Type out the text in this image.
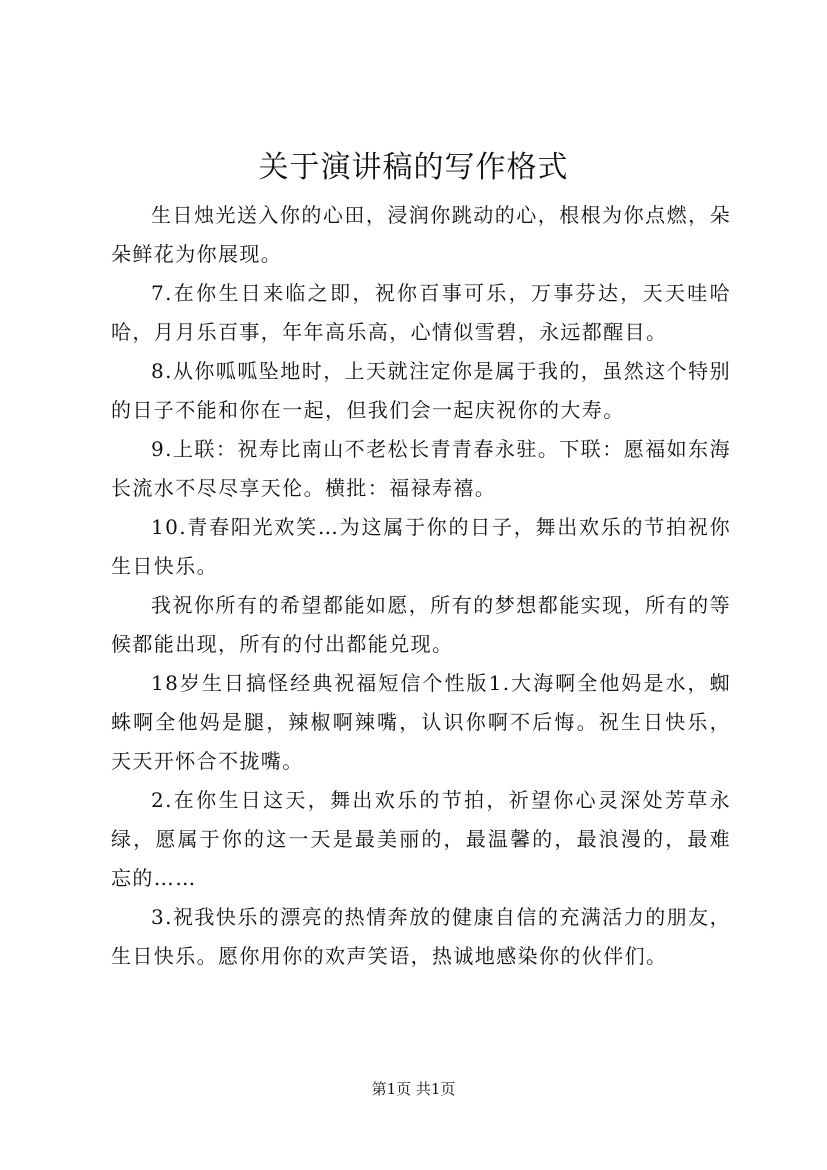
关于演讲稿的写作格式

生日烛光送入你的心田，浸润你跳动的心，根根为你点燃，朵朵鲜花为你展现。

7.在你生日来临之即，祝你百事可乐，万事芬达，天天哇哈哈，月月乐百事，年年高乐高，心情似雪碧，永远都醒目。

8.从你呱呱坠地时，上天就注定你是属于我的，虽然这个特别的日子不能和你在一起，但我们会一起庆祝你的大寿。

9.上联：祝寿比南山不老松长青青春永驻。下联：愿福如东海长流水不尽尽享天伦。横批：福禄寿禧。

10.青春阳光欢笑…为这属于你的日子，舞出欢乐的节拍祝你生日快乐。

我祝你所有的希望都能如愿，所有的梦想都能实现，所有的等候都能出现，所有的付出都能兑现。

18岁生日搞怪经典祝福短信个性版1.大海啊全他妈是水，蜘蛛啊全他妈是腿，辣椒啊辣嘴，认识你啊不后悔。祝生日快乐，天天开怀合不拢嘴。

2.在你生日这天，舞出欢乐的节拍，祈望你心灵深处芳草永绿，愿属于你的这一天是最美丽的，最温馨的，最浪漫的，最难忘的……

3.祝我快乐的漂亮的热情奔放的健康自信的充满活力的朋友，生日快乐。愿你用你的欢声笑语，热诚地感染你的伙伴们。

第1页 共1页
